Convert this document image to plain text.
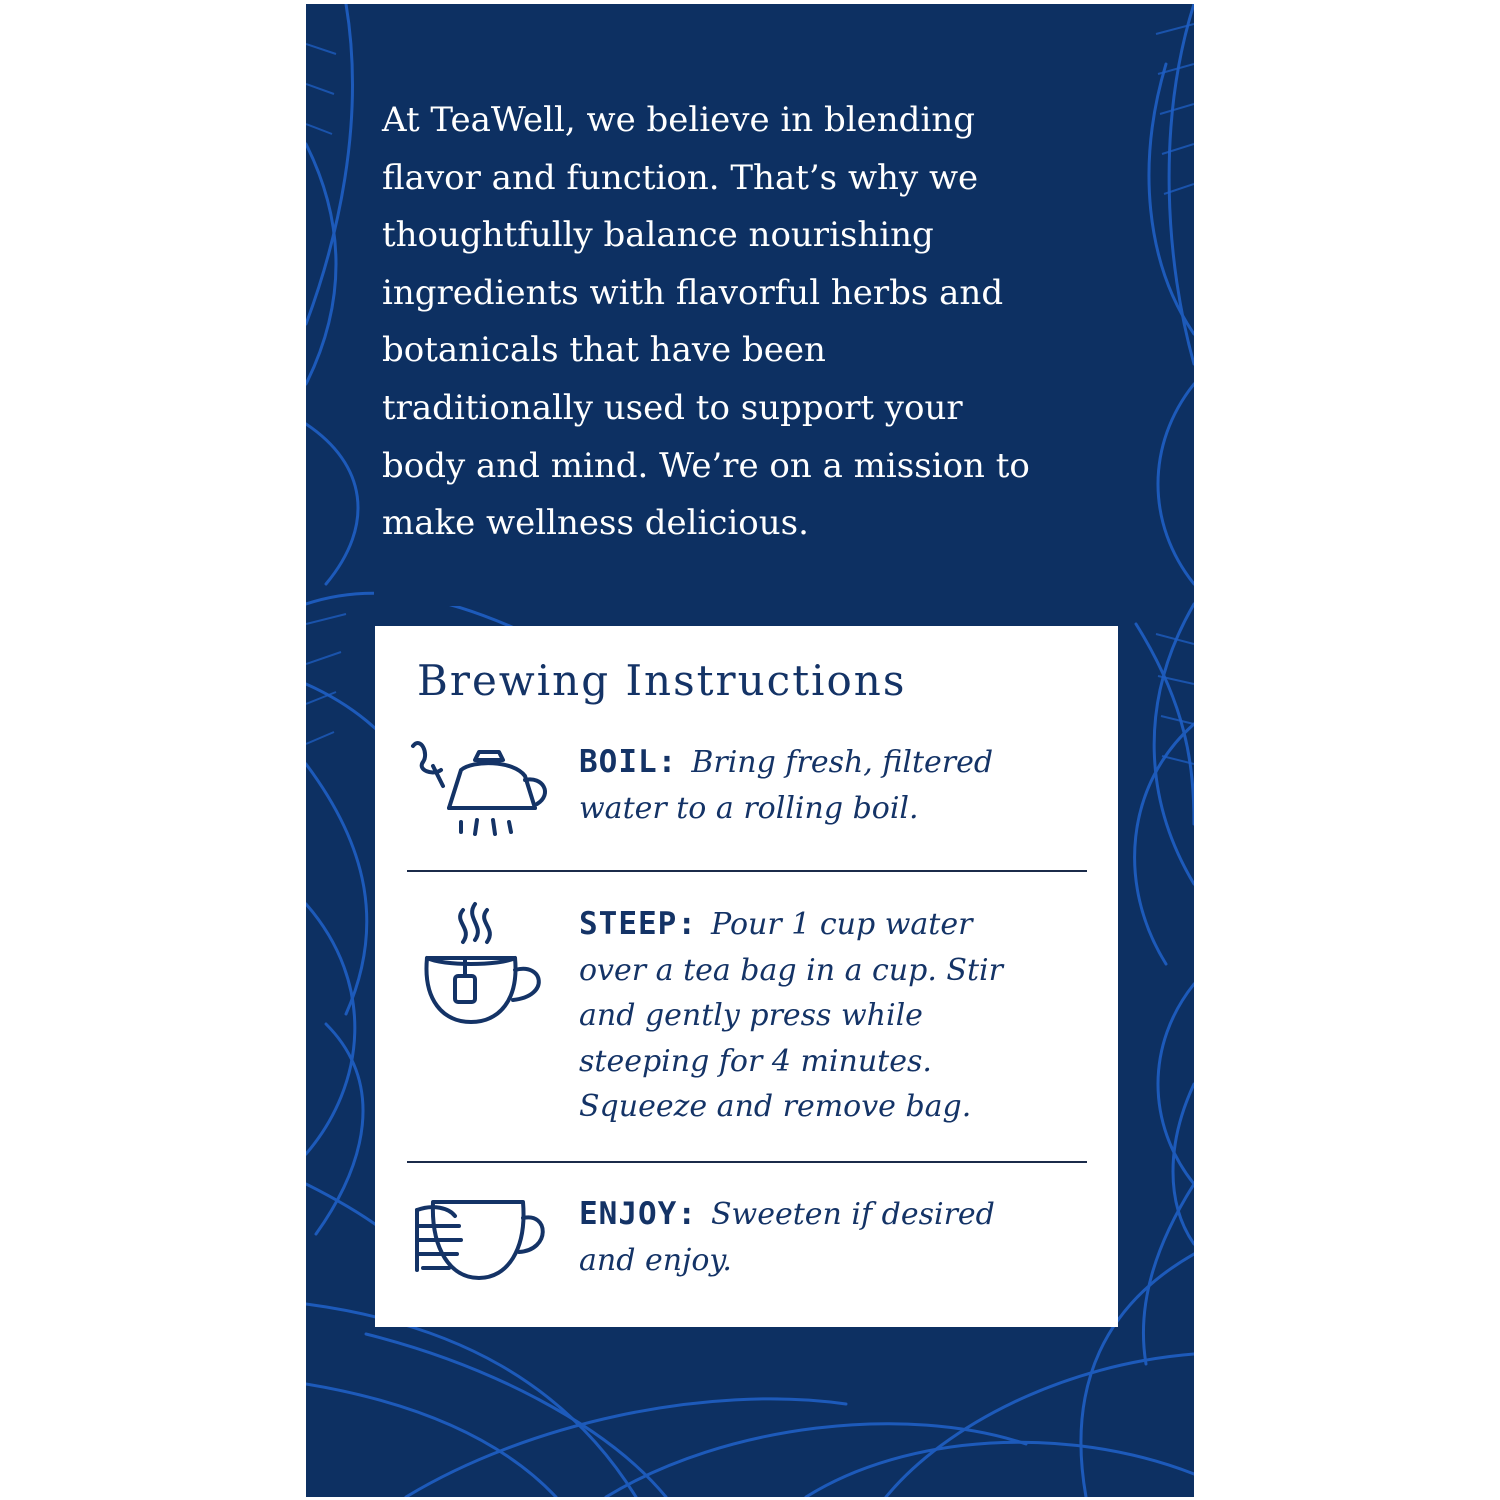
At TeaWell, we believe in blending flavor and function. That’s why we thoughtfully balance nourishing ingredients with flavorful herbs and botanicals that have been traditionally used to support your body and mind. We’re on a mission to make wellness delicious.

Brewing Instructions

BOIL: Bring fresh, filtered water to a rolling boil.

STEEP: Pour 1 cup water over a tea bag in a cup. Stir and gently press while steeping for 4 minutes. Squeeze and remove bag.

ENJOY: Sweeten if desired and enjoy.
